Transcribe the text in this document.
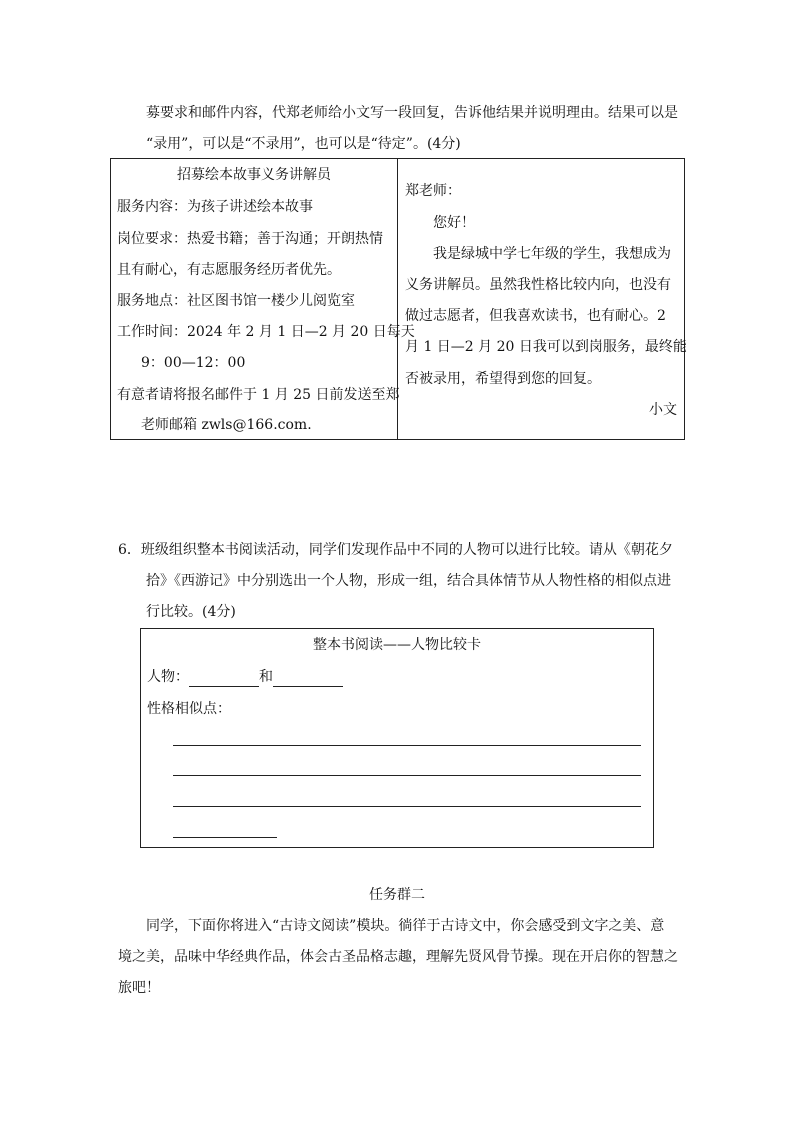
募要求和邮件内容，代郑老师给小文写一段回复，告诉他结果并说明理由。结果可以是
“录用”，可以是“不录用”，也可以是“待定”。(4分)
招募绘本故事义务讲解员
服务内容：为孩子讲述绘本故事
岗位要求：热爱书籍；善于沟通；开朗热情
且有耐心，有志愿服务经历者优先。
服务地点：社区图书馆一楼少儿阅览室
工作时间：2024 年 2 月 1 日—2 月 20 日每天
9：00—12：00
有意者请将报名邮件于 1 月 25 日前发送至郑
老师邮箱 zwls@166.com.
郑老师：
您好！
我是绿城中学七年级的学生，我想成为
义务讲解员。虽然我性格比较内向，也没有
做过志愿者，但我喜欢读书，也有耐心。2
月 1 日—2 月 20 日我可以到岗服务，最终能
否被录用，希望得到您的回复。
小文
6．班级组织整本书阅读活动，同学们发现作品中不同的人物可以进行比较。请从《朝花夕
拾》《西游记》中分别选出一个人物，形成一组，结合具体情节从人物性格的相似点进
行比较。(4分)
整本书阅读——人物比较卡
人物：	和
性格相似点：
任务群二
同学，下面你将进入“古诗文阅读”模块。徜徉于古诗文中，你会感受到文字之美、意
境之美，品味中华经典作品，体会古圣品格志趣，理解先贤风骨节操。现在开启你的智慧之
旅吧！
